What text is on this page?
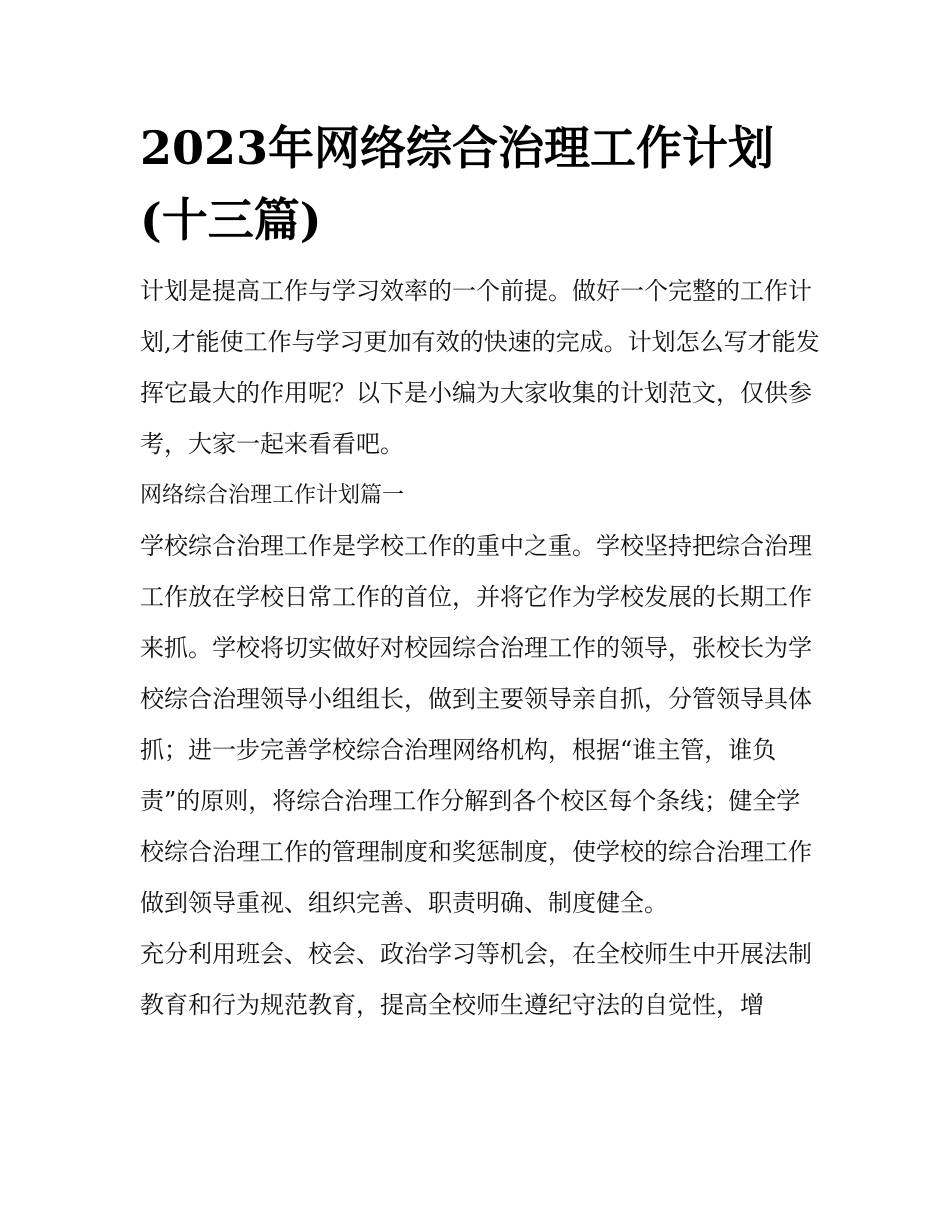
2023年网络综合治理工作计划(十三篇)

计划是提高工作与学习效率的一个前提。做好一个完整的工作计划,才能使工作与学习更加有效的快速的完成。计划怎么写才能发挥它最大的作用呢？以下是小编为大家收集的计划范文，仅供参考，大家一起来看看吧。

网络综合治理工作计划篇一

学校综合治理工作是学校工作的重中之重。学校坚持把综合治理工作放在学校日常工作的首位，并将它作为学校发展的长期工作来抓。学校将切实做好对校园综合治理工作的领导，张校长为学校综合治理领导小组组长，做到主要领导亲自抓，分管领导具体抓；进一步完善学校综合治理网络机构，根据“谁主管，谁负责”的原则，将综合治理工作分解到各个校区每个条线；健全学校综合治理工作的管理制度和奖惩制度，使学校的综合治理工作做到领导重视、组织完善、职责明确、制度健全。

充分利用班会、校会、政治学习等机会，在全校师生中开展法制教育和行为规范教育，提高全校师生遵纪守法的自觉性，增
